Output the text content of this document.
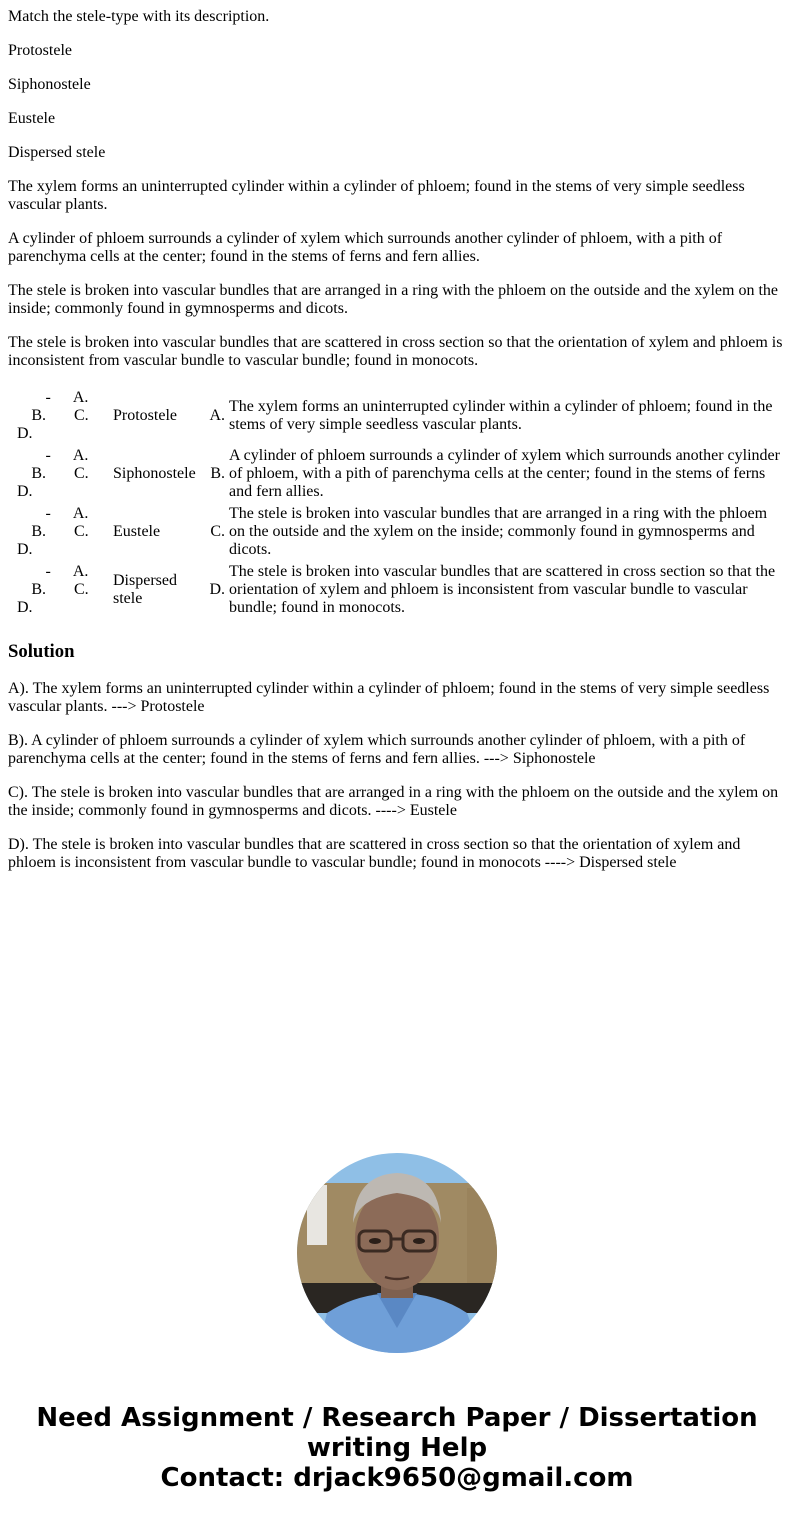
Match the stele-type with its description.

Protostele

Siphonostele

Eustele

Dispersed stele

The xylem forms an uninterrupted cylinder within a cylinder of phloem; found in the stems of very simple seedless vascular plants.

A cylinder of phloem surrounds a cylinder of xylem which surrounds another cylinder of phloem, with a pith of parenchyma cells at the center; found in the stems of ferns and fern allies.

The stele is broken into vascular bundles that are arranged in a ring with the phloem on the outside and the xylem on the inside; commonly found in gymnosperms and dicots.

The stele is broken into vascular bundles that are scattered in cross section so that the orientation of xylem and phloem is inconsistent from vascular bundle to vascular bundle; found in monocots.

- A.
B. C.
D.	Protostele	A.	The xylem forms an uninterrupted cylinder within a cylinder of phloem; found in the stems of very simple seedless vascular plants.

- A.
B. C.
D.	Siphonostele	B.	A cylinder of phloem surrounds a cylinder of xylem which surrounds another cylinder of phloem, with a pith of parenchyma cells at the center; found in the stems of ferns and fern allies.

- A.
B. C.
D.	Eustele	C.	The stele is broken into vascular bundles that are arranged in a ring with the phloem on the outside and the xylem on the inside; commonly found in gymnosperms and dicots.

- A.
B. C.
D.	Dispersed stele	D.	The stele is broken into vascular bundles that are scattered in cross section so that the orientation of xylem and phloem is inconsistent from vascular bundle to vascular bundle; found in monocots.
Solution

A). The xylem forms an uninterrupted cylinder within a cylinder of phloem; found in the stems of very simple seedless vascular plants. ---> Protostele

B). A cylinder of phloem surrounds a cylinder of xylem which surrounds another cylinder of phloem, with a pith of parenchyma cells at the center; found in the stems of ferns and fern allies. ---> Siphonostele

C). The stele is broken into vascular bundles that are arranged in a ring with the phloem on the outside and the xylem on the inside; commonly found in gymnosperms and dicots. ----> Eustele

D). The stele is broken into vascular bundles that are scattered in cross section so that the orientation of xylem and phloem is inconsistent from vascular bundle to vascular bundle; found in monocots ----> Dispersed stele

Need Assignment / Research Paper / Dissertation
writing Help
Contact: drjack9650@gmail.com
